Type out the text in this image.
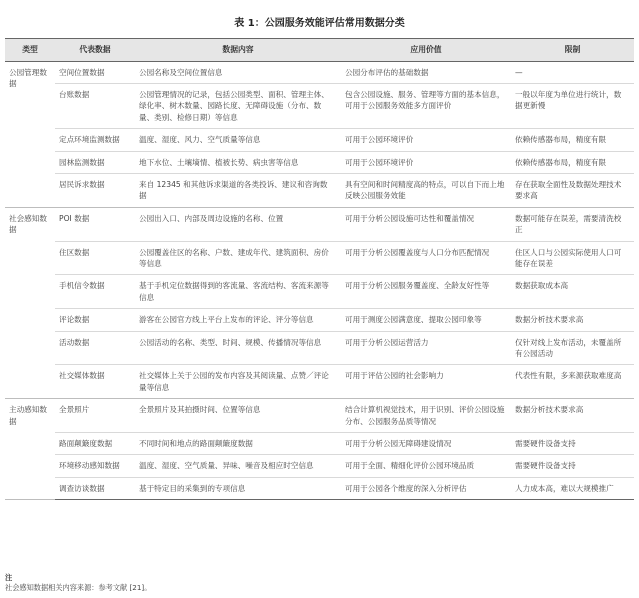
表 1：公园服务效能评估常用数据分类
类型	代表数据	数据内容	应用价值	限制
公园管理数据	空间位置数据	公园名称及空间位置信息	公园分布评估的基础数据	—
	台账数据	公园管理情况的记录，包括公园类型、面积、管理主体、绿化率、树木数量、园路长度、无障碍设施（分布、数量、类别、检修日期）等信息	包含公园设施、服务、管理等方面的基本信息，可用于公园服务效能多方面评价	一般以年度为单位进行统计，数据更新慢
	定点环境监测数据	温度、湿度、风力、空气质量等信息	可用于公园环境评价	依赖传感器布局，精度有限
	园林监测数据	地下水位、土壤墒情、植被长势、病虫害等信息	可用于公园环境评价	依赖传感器布局，精度有限
	居民诉求数据	来自 12345 和其他诉求渠道的各类投诉、建议和咨询数据	具有空间和时间精度高的特点，可以自下而上地反映公园服务效能	存在获取全面性及数据处理技术要求高
社会感知数据	POI 数据	公园出入口、内部及周边设施的名称、位置	可用于分析公园设施可达性和覆盖情况	数据可能存在误差，需要清洗校正
	住区数据	公园覆盖住区的名称、户数、建成年代、建筑面积、房价等信息	可用于分析公园覆盖度与人口分布匹配情况	住区人口与公园实际使用人口可能存在误差
	手机信令数据	基于手机定位数据得到的客流量、客流结构、客流来源等信息	可用于分析公园服务覆盖度、全龄友好性等	数据获取成本高
	评论数据	游客在公园官方线上平台上发布的评论、评分等信息	可用于测度公园满意度、提取公园印象等	数据分析技术要求高
	活动数据	公园活动的名称、类型、时间、规模、传播情况等信息	可用于分析公园运营活力	仅针对线上发布活动，未覆盖所有公园活动
	社交媒体数据	社交媒体上关于公园的发布内容及其阅读量、点赞／评论量等信息	可用于评估公园的社会影响力	代表性有限，多来源获取难度高
主动感知数据	全景照片	全景照片及其拍摄时间、位置等信息	结合计算机视觉技术，用于识别、评价公园设施分布、公园服务品质等情况	数据分析技术要求高
	路面颠簸度数据	不同时间和地点的路面颠簸度数据	可用于分析公园无障碍建设情况	需要硬件设备支持
	环境移动感知数据	温度、湿度、空气质量、异味、噪音及相应时空信息	可用于全面、精细化评价公园环境品质	需要硬件设备支持
	调查访谈数据	基于特定目的采集到的专项信息	可用于公园各个维度的深入分析评估	人力成本高，难以大规模推广
注
社会感知数据相关内容来源：参考文献 [21]。
